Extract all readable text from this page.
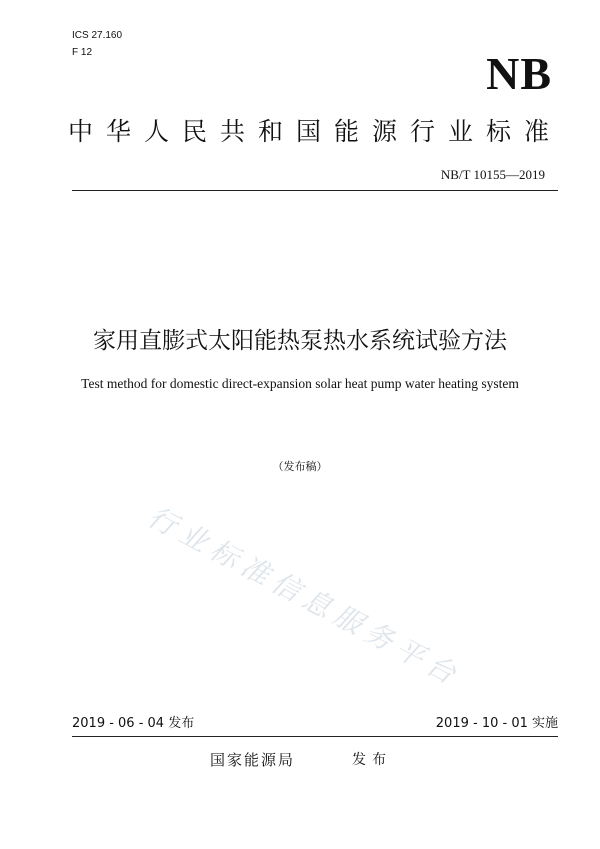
ICS 27.160
F 12	NB
中华人民共和国能源行业标准
NB/T 10155—2019
家用直膨式太阳能热泵热水系统试验方法
Test method for domestic direct-expansion solar heat pump water heating system
（发布稿）
行业标准信息服务平台
2019 - 06 - 04 发布	2019 - 10 - 01 实施
国家能源局	发布
